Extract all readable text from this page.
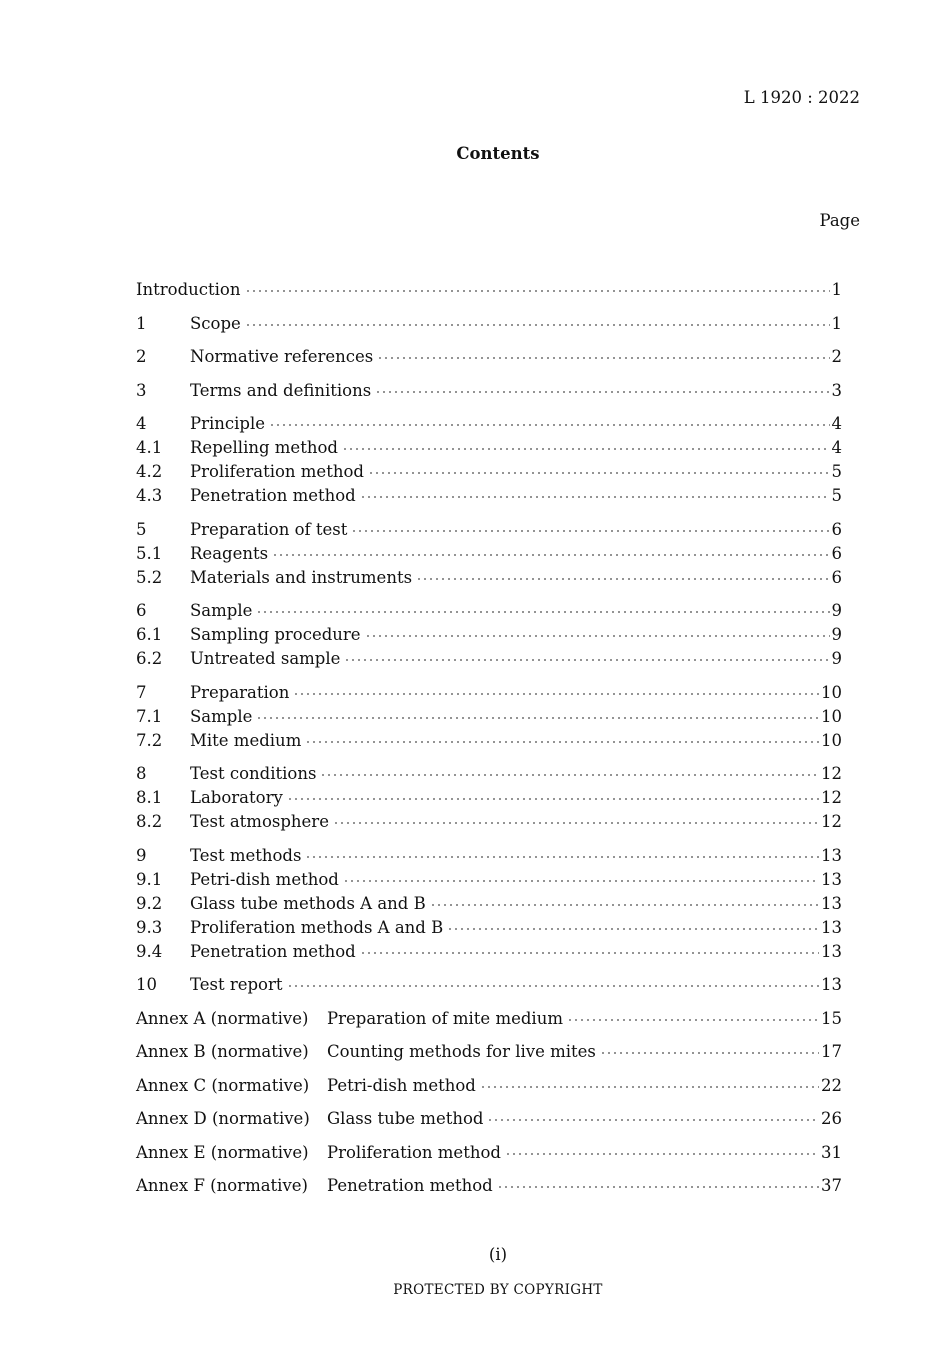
L 1920 : 2022
Contents
Page
Introduction	1
1	Scope	1
2	Normative references	2
3	Terms and definitions	3
4	Principle	4
4.1	Repelling method	4
4.2	Proliferation method	5
4.3	Penetration method	5
5	Preparation of test	6
5.1	Reagents	6
5.2	Materials and instruments	6
6	Sample	9
6.1	Sampling procedure	9
6.2	Untreated sample	9
7	Preparation	10
7.1	Sample	10
7.2	Mite medium	10
8	Test conditions	12
8.1	Laboratory	12
8.2	Test atmosphere	12
9	Test methods	13
9.1	Petri-dish method	13
9.2	Glass tube methods A and B	13
9.3	Proliferation methods A and B	13
9.4	Penetration method	13
10	Test report	13
Annex A (normative)	Preparation of mite medium	15
Annex B (normative)	Counting methods for live mites	17
Annex C (normative)	Petri-dish method	22
Annex D (normative)	Glass tube method	26
Annex E (normative)	Proliferation method	31
Annex F (normative)	Penetration method	37
(i)
PROTECTED BY COPYRIGHT
